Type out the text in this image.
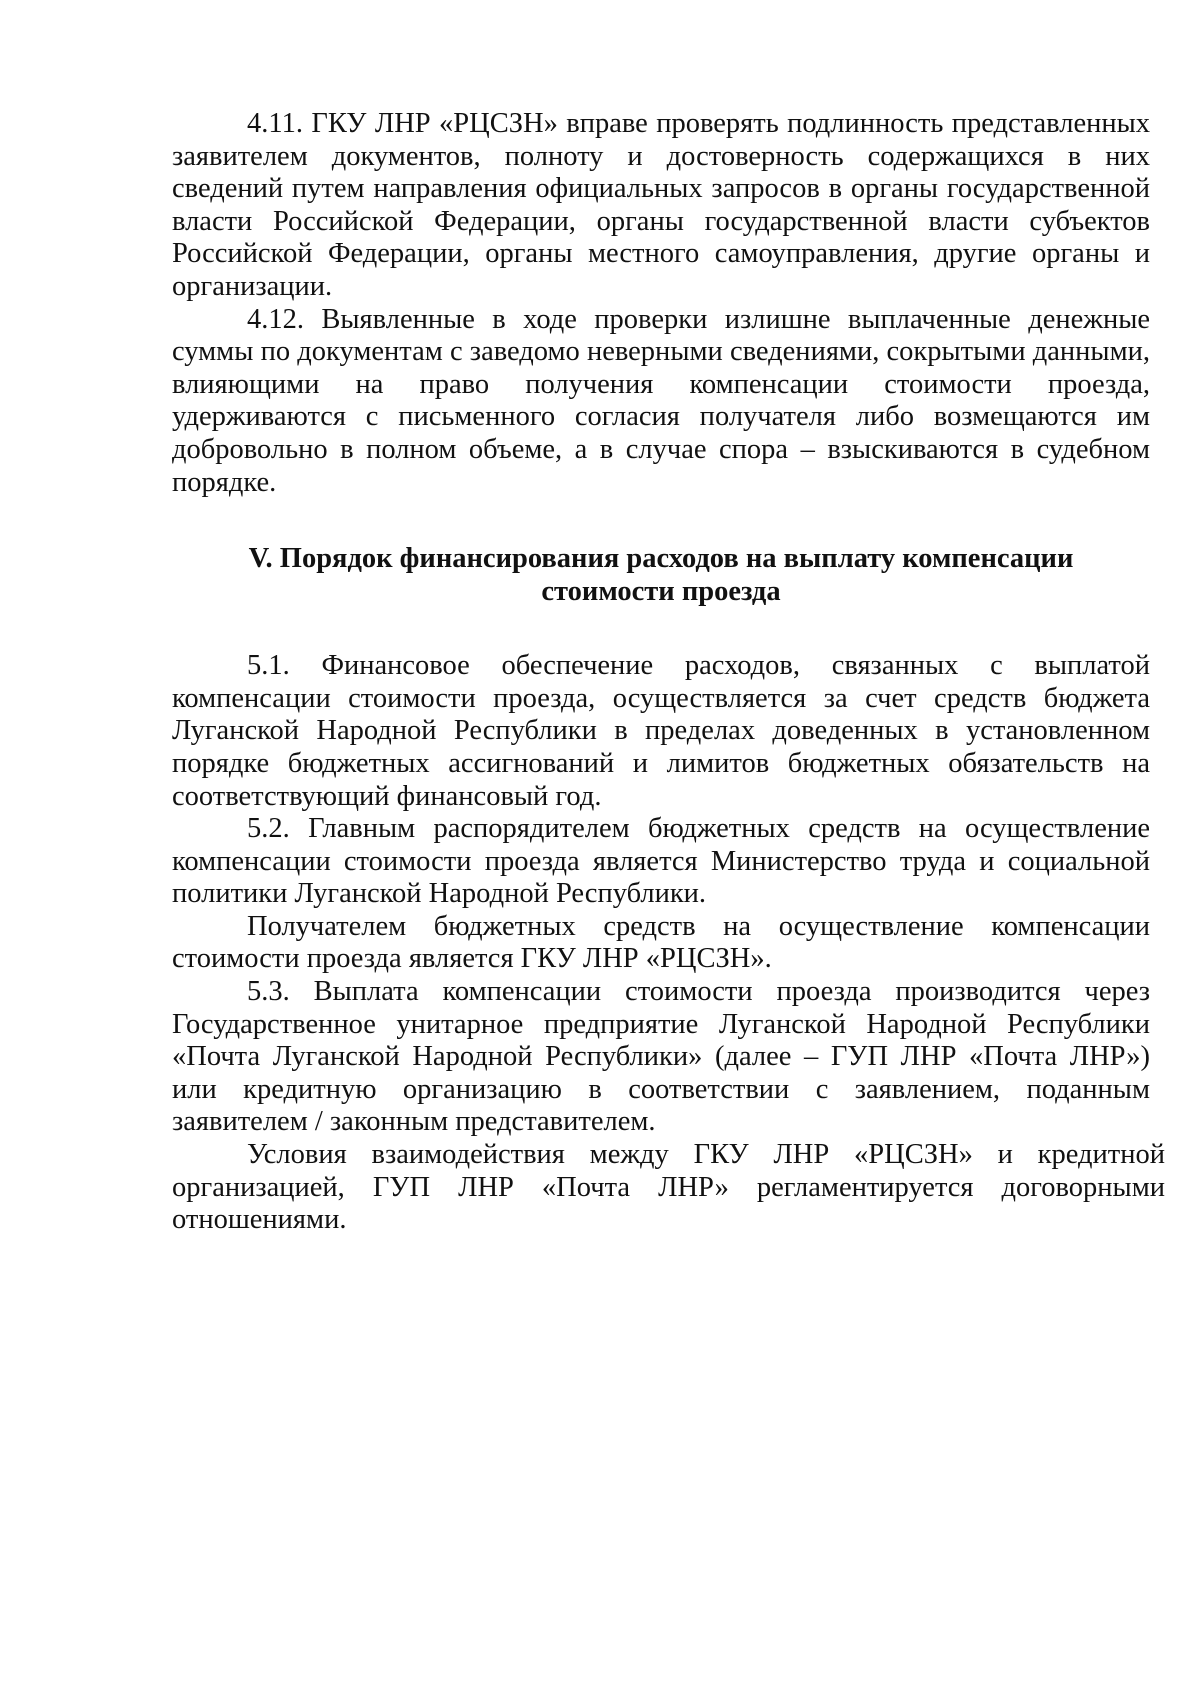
4.11. ГКУ ЛНР «РЦСЗН» вправе проверять подлинность представленных заявителем документов, полноту и достоверность содержащихся в них сведений путем направления официальных запросов в органы государственной власти Российской Федерации, органы государственной власти субъектов Российской Федерации, органы местного самоуправления, другие органы и организации.

4.12. Выявленные в ходе проверки излишне выплаченные денежные суммы по документам с заведомо неверными сведениями, сокрытыми данными, влияющими на право получения компенсации стоимости проезда, удерживаются с письменного согласия получателя либо возмещаются им добровольно в полном объеме, а в случае спора – взыскиваются в судебном порядке.

V. Порядок финансирования расходов на выплату компенсации стоимости проезда

5.1. Финансовое обеспечение расходов, связанных с выплатой компенсации стоимости проезда, осуществляется за счет средств бюджета Луганской Народной Республики в пределах доведенных в установленном порядке бюджетных ассигнований и лимитов бюджетных обязательств на соответствующий финансовый год.

5.2. Главным распорядителем бюджетных средств на осуществление компенсации стоимости проезда является Министерство труда и социальной политики Луганской Народной Республики.

Получателем бюджетных средств на осуществление компенсации стоимости проезда является ГКУ ЛНР «РЦСЗН».

5.3. Выплата компенсации стоимости проезда производится через Государственное унитарное предприятие Луганской Народной Республики «Почта Луганской Народной Республики» (далее – ГУП ЛНР «Почта ЛНР») или кредитную организацию в соответствии с заявлением, поданным заявителем / законным представителем.

Условия взаимодействия между ГКУ ЛНР «РЦСЗН» и кредитной организацией, ГУП ЛНР «Почта ЛНР» регламентируется договорными отношениями.
